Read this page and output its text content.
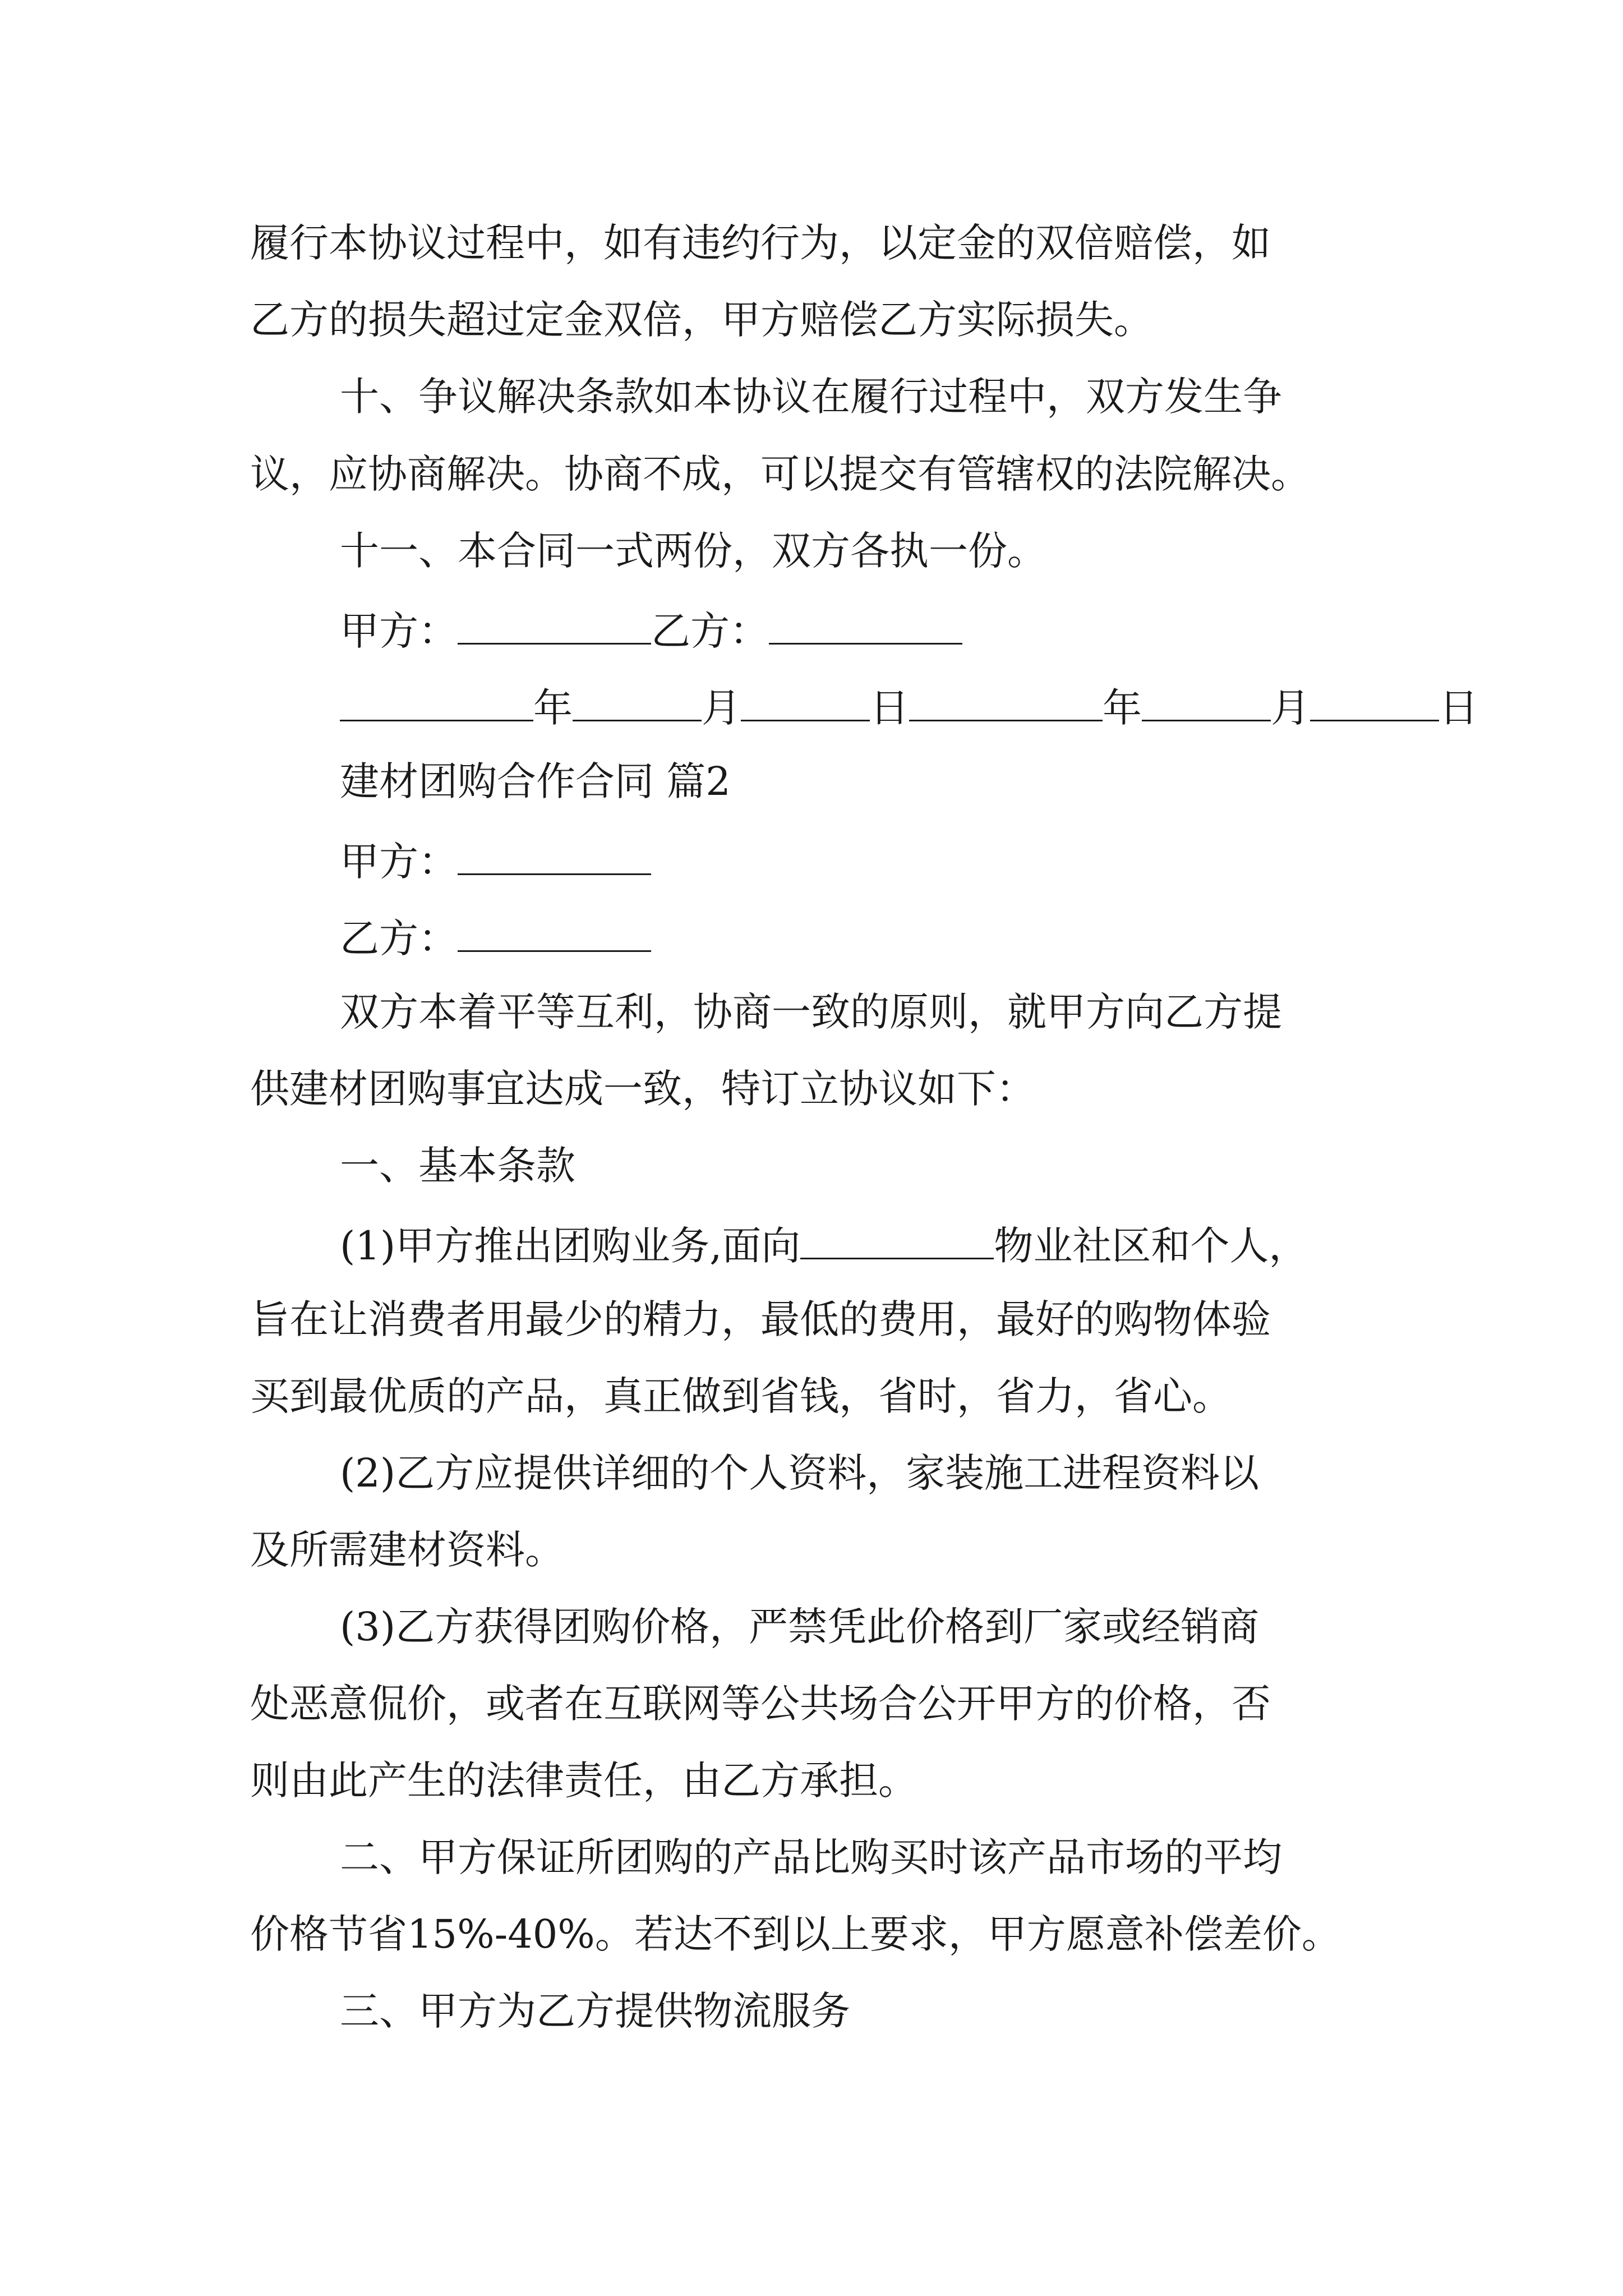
履行本协议过程中，如有违约行为，以定金的双倍赔偿，如
乙方的损失超过定金双倍，甲方赔偿乙方实际损失。
十、争议解决条款如本协议在履行过程中，双方发生争
议，应协商解决。协商不成，可以提交有管辖权的法院解决。
十一、本合同一式两份，双方各执一份。
甲方：	乙方：
年	月	日	年	月	日
建材团购合作合同 篇2
甲方：
乙方：
双方本着平等互利，协商一致的原则，就甲方向乙方提
供建材团购事宜达成一致，特订立协议如下：
一、基本条款
(1)甲方推出团购业务,面向	物业社区和个人，
旨在让消费者用最少的精力，最低的费用，最好的购物体验
买到最优质的产品，真正做到省钱，省时，省力，省心。
(2)乙方应提供详细的个人资料，家装施工进程资料以
及所需建材资料。
(3)乙方获得团购价格，严禁凭此价格到厂家或经销商
处恶意侃价，或者在互联网等公共场合公开甲方的价格，否
则由此产生的法律责任，由乙方承担。
二、甲方保证所团购的产品比购买时该产品市场的平均
价格节省15%-40%。若达不到以上要求，甲方愿意补偿差价。
三、甲方为乙方提供物流服务
